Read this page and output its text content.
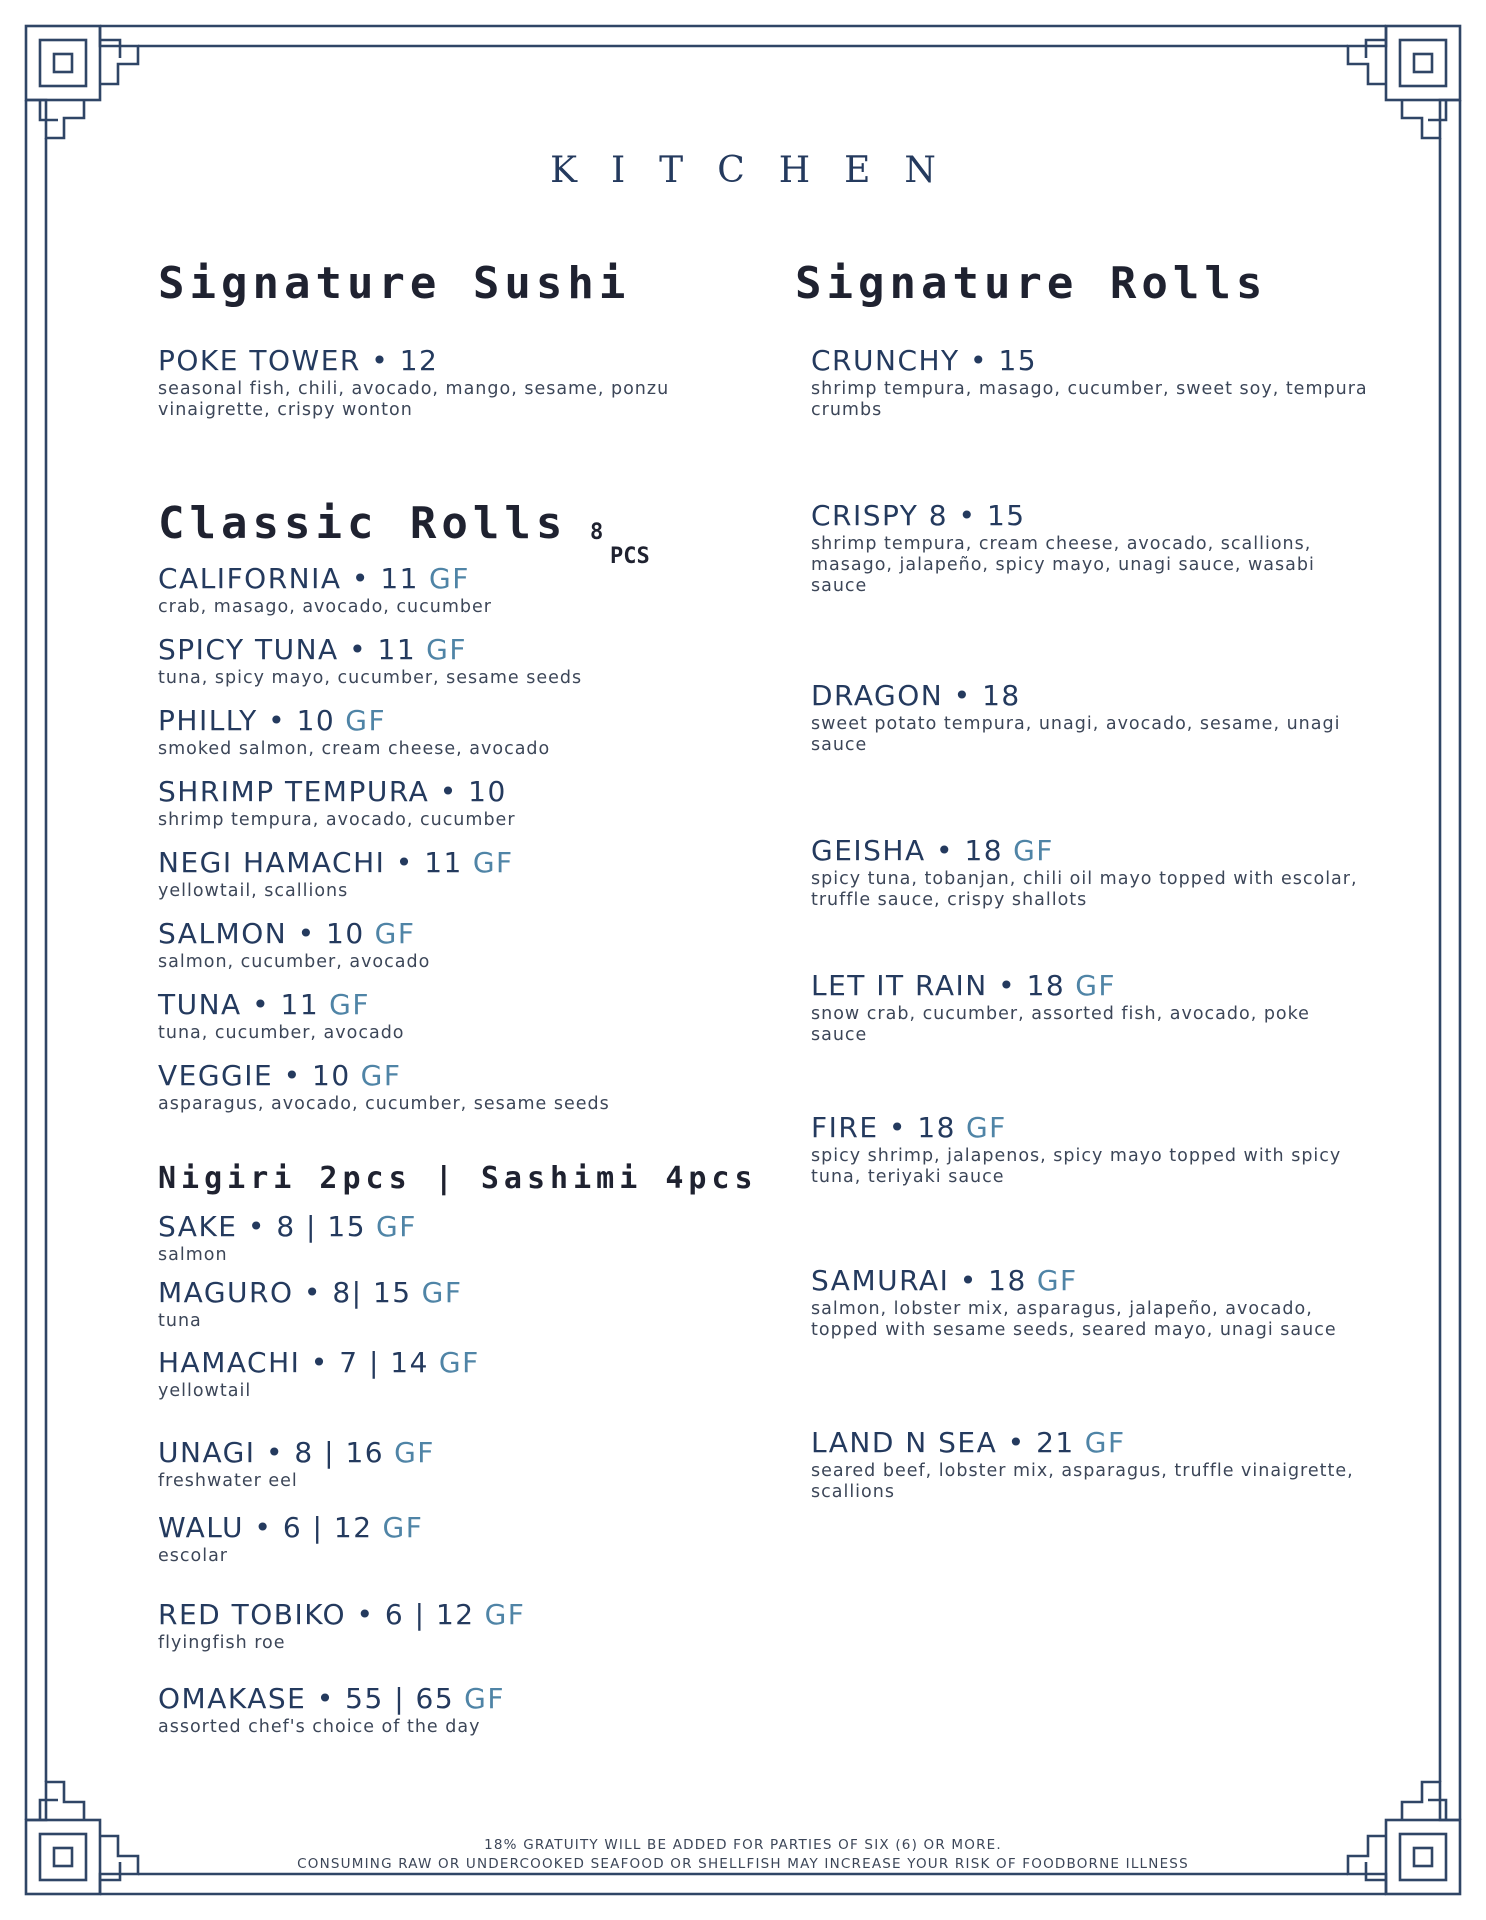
KITCHEN
Signature Sushi
POKE TOWER • 12
seasonal fish, chili, avocado, mango, sesame, ponzu vinaigrette, crispy wonton
Classic Rolls 8
PCS
CALIFORNIA • 11 GF
crab, masago, avocado, cucumber
SPICY TUNA • 11 GF
tuna, spicy mayo, cucumber, sesame seeds
PHILLY • 10 GF
smoked salmon, cream cheese, avocado
SHRIMP TEMPURA • 10
shrimp tempura, avocado, cucumber
NEGI HAMACHI • 11 GF
yellowtail, scallions
SALMON • 10 GF
salmon, cucumber, avocado
TUNA • 11 GF
tuna, cucumber, avocado
VEGGIE • 10 GF
asparagus, avocado, cucumber, sesame seeds
Nigiri 2pcs | Sashimi 4pcs
SAKE • 8 | 15 GF
salmon
MAGURO • 8| 15 GF
tuna
HAMACHI • 7 | 14 GF
yellowtail
UNAGI • 8 | 16 GF
freshwater eel
WALU • 6 | 12 GF
escolar
RED TOBIKO • 6 | 12 GF
flyingfish roe
OMAKASE • 55 | 65 GF
assorted chef's choice of the day
Signature Rolls
CRUNCHY • 15
shrimp tempura, masago, cucumber, sweet soy, tempura crumbs
CRISPY 8 • 15
shrimp tempura, cream cheese, avocado, scallions, masago, jalapeño, spicy mayo, unagi sauce, wasabi sauce
DRAGON • 18
sweet potato tempura, unagi, avocado, sesame, unagi sauce
GEISHA • 18 GF
spicy tuna, tobanjan, chili oil mayo topped with escolar, truffle sauce, crispy shallots
LET IT RAIN • 18 GF
snow crab, cucumber, assorted fish, avocado, poke sauce
FIRE • 18 GF
spicy shrimp, jalapenos, spicy mayo topped with spicy tuna, teriyaki sauce
SAMURAI • 18 GF
salmon, lobster mix, asparagus, jalapeño, avocado, topped with sesame seeds, seared mayo, unagi sauce
LAND N SEA • 21 GF
seared beef, lobster mix, asparagus, truffle vinaigrette, scallions
18% GRATUITY WILL BE ADDED FOR PARTIES OF SIX (6) OR MORE.
CONSUMING RAW OR UNDERCOOKED SEAFOOD OR SHELLFISH MAY INCREASE YOUR RISK OF FOODBORNE ILLNESS
